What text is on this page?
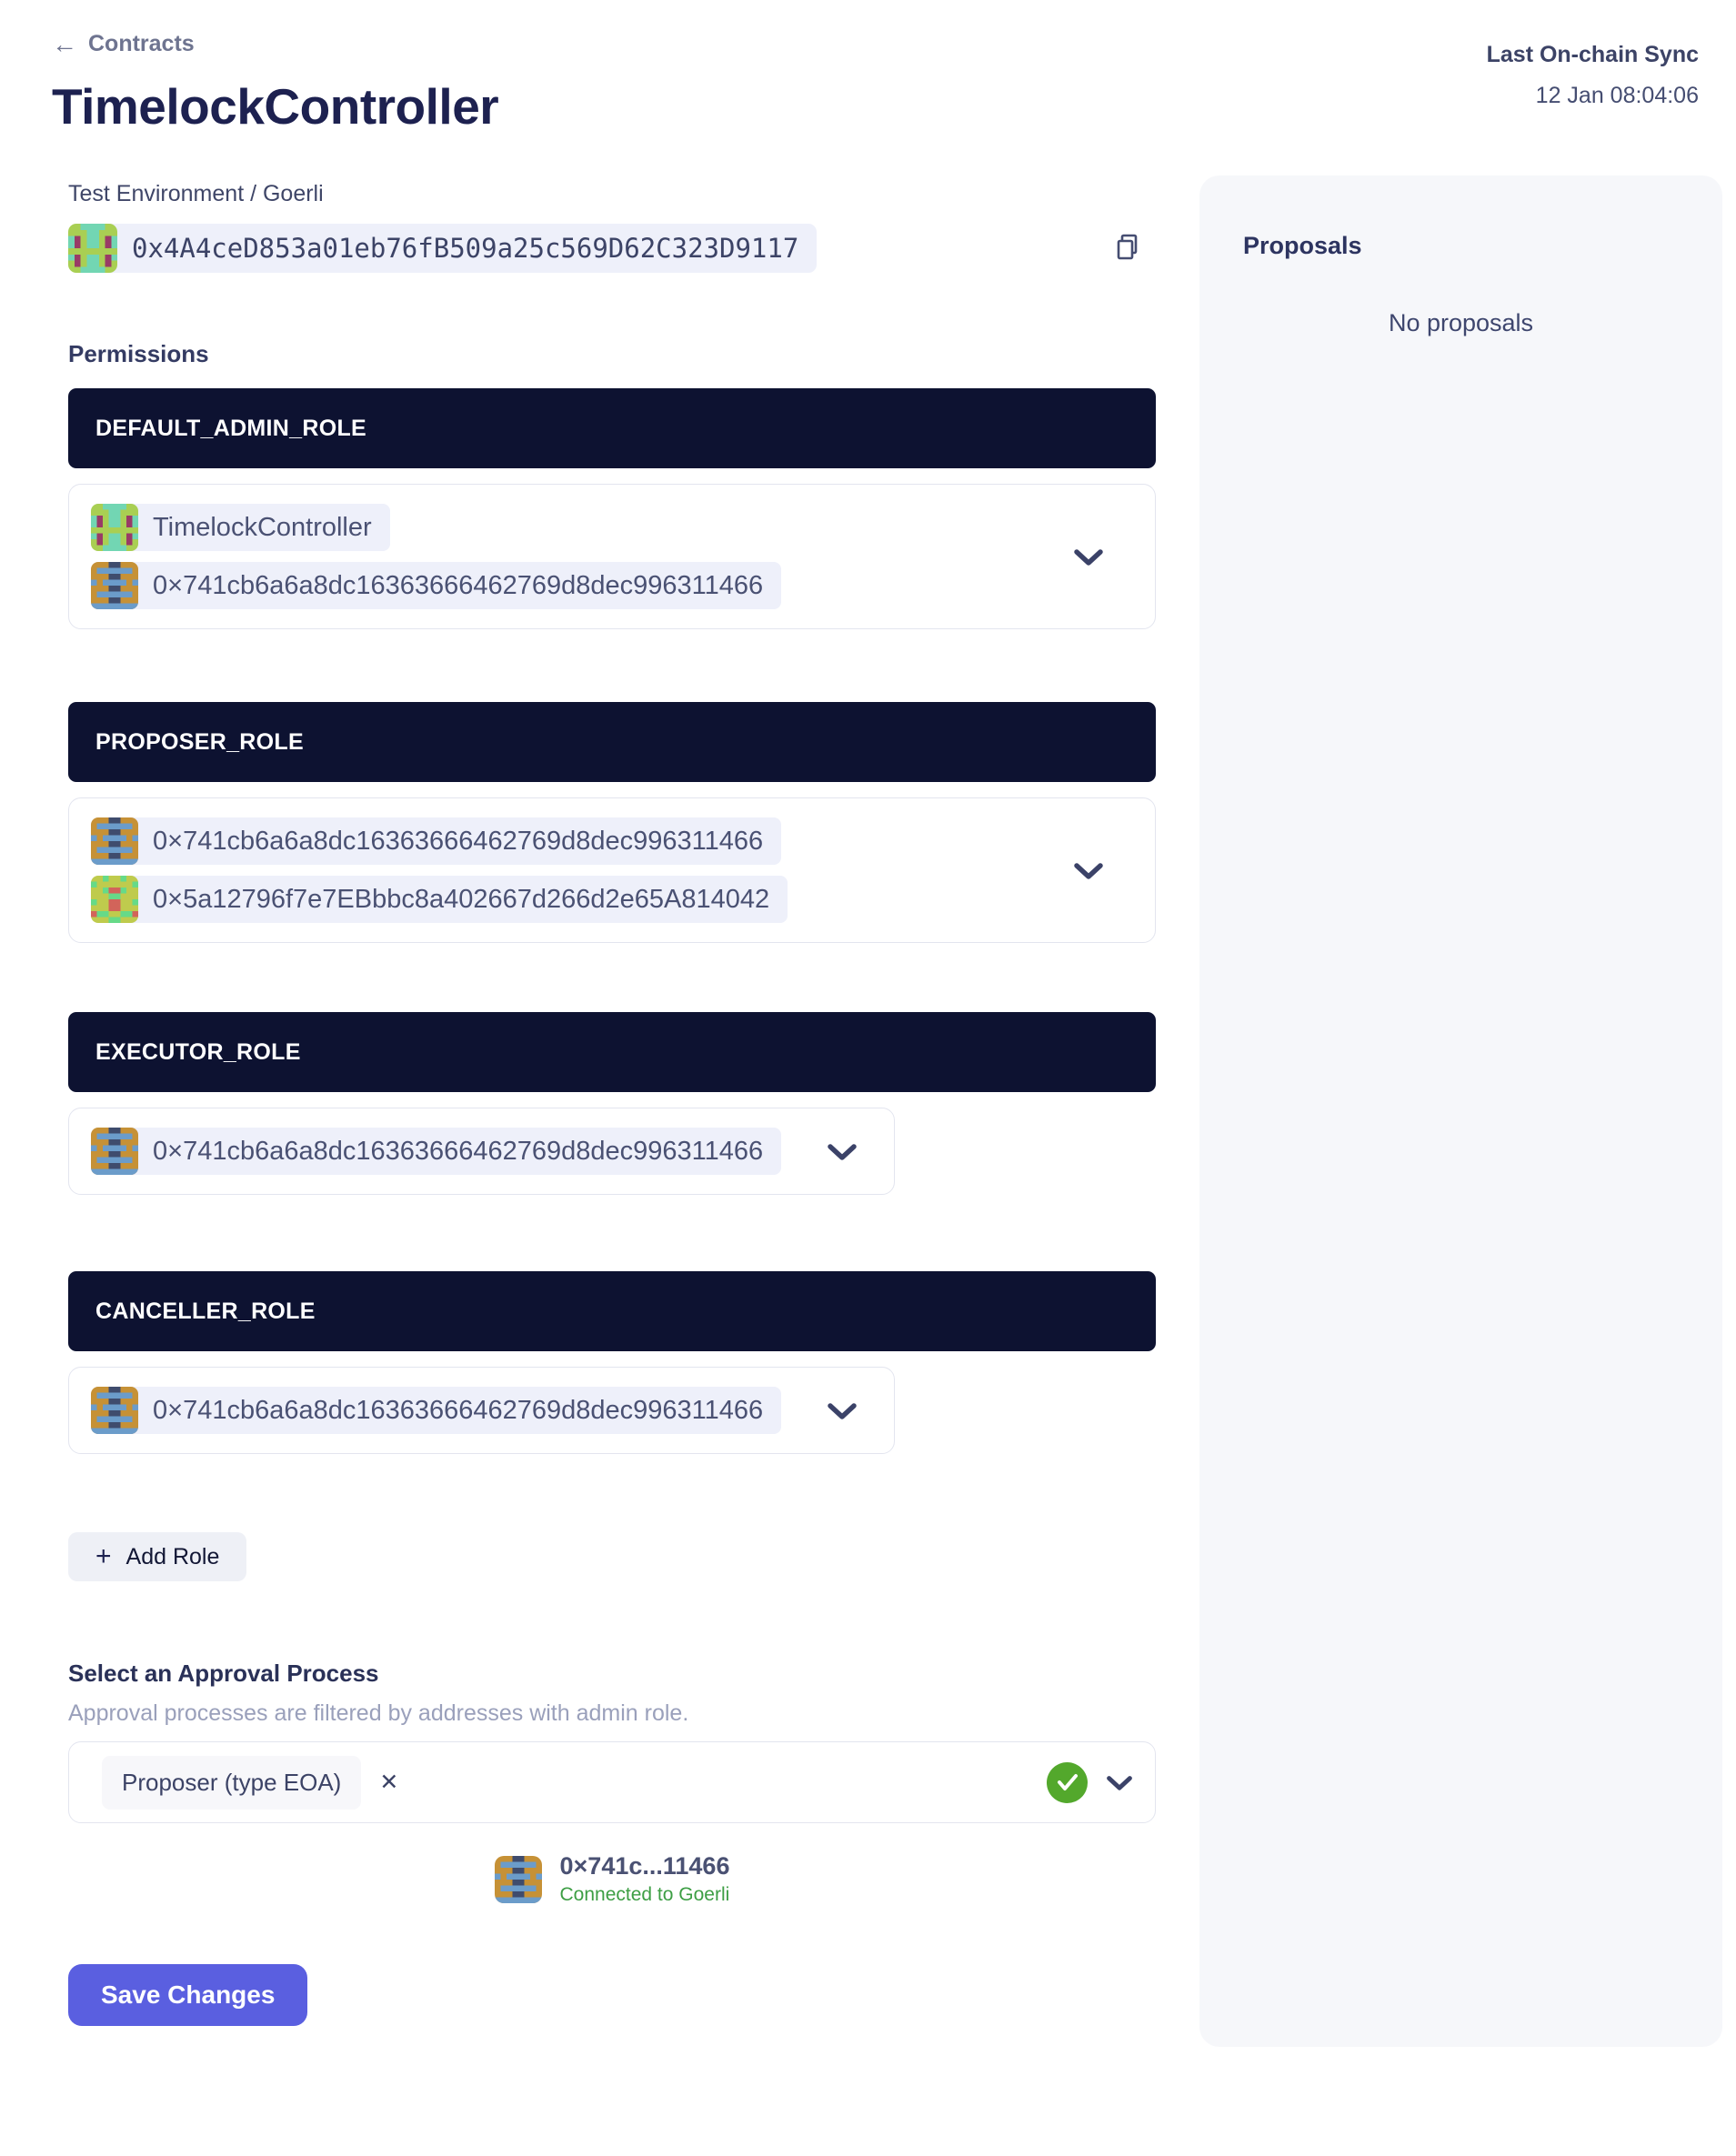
← Contracts
TimelockController
Last On-chain Sync
12 Jan 08:04:06
Test Environment / Goerli
0x4A4ceD853a01eb76fB509a25c569D62C323D9117
Permissions
DEFAULT_ADMIN_ROLE
TimelockController
0×741cb6a6a8dc16363666462769d8dec996311466
PROPOSER_ROLE
0×741cb6a6a8dc16363666462769d8dec996311466
0×5a12796f7e7EBbbc8a402667d266d2e65A814042
EXECUTOR_ROLE
0×741cb6a6a8dc16363666462769d8dec996311466
CANCELLER_ROLE
0×741cb6a6a8dc16363666462769d8dec996311466
+ Add Role
Select an Approval Process
Approval processes are filtered by addresses with admin role.
Proposer (type EOA)	✕
0×741c...11466
Connected to Goerli
Save Changes
Proposals
No proposals
